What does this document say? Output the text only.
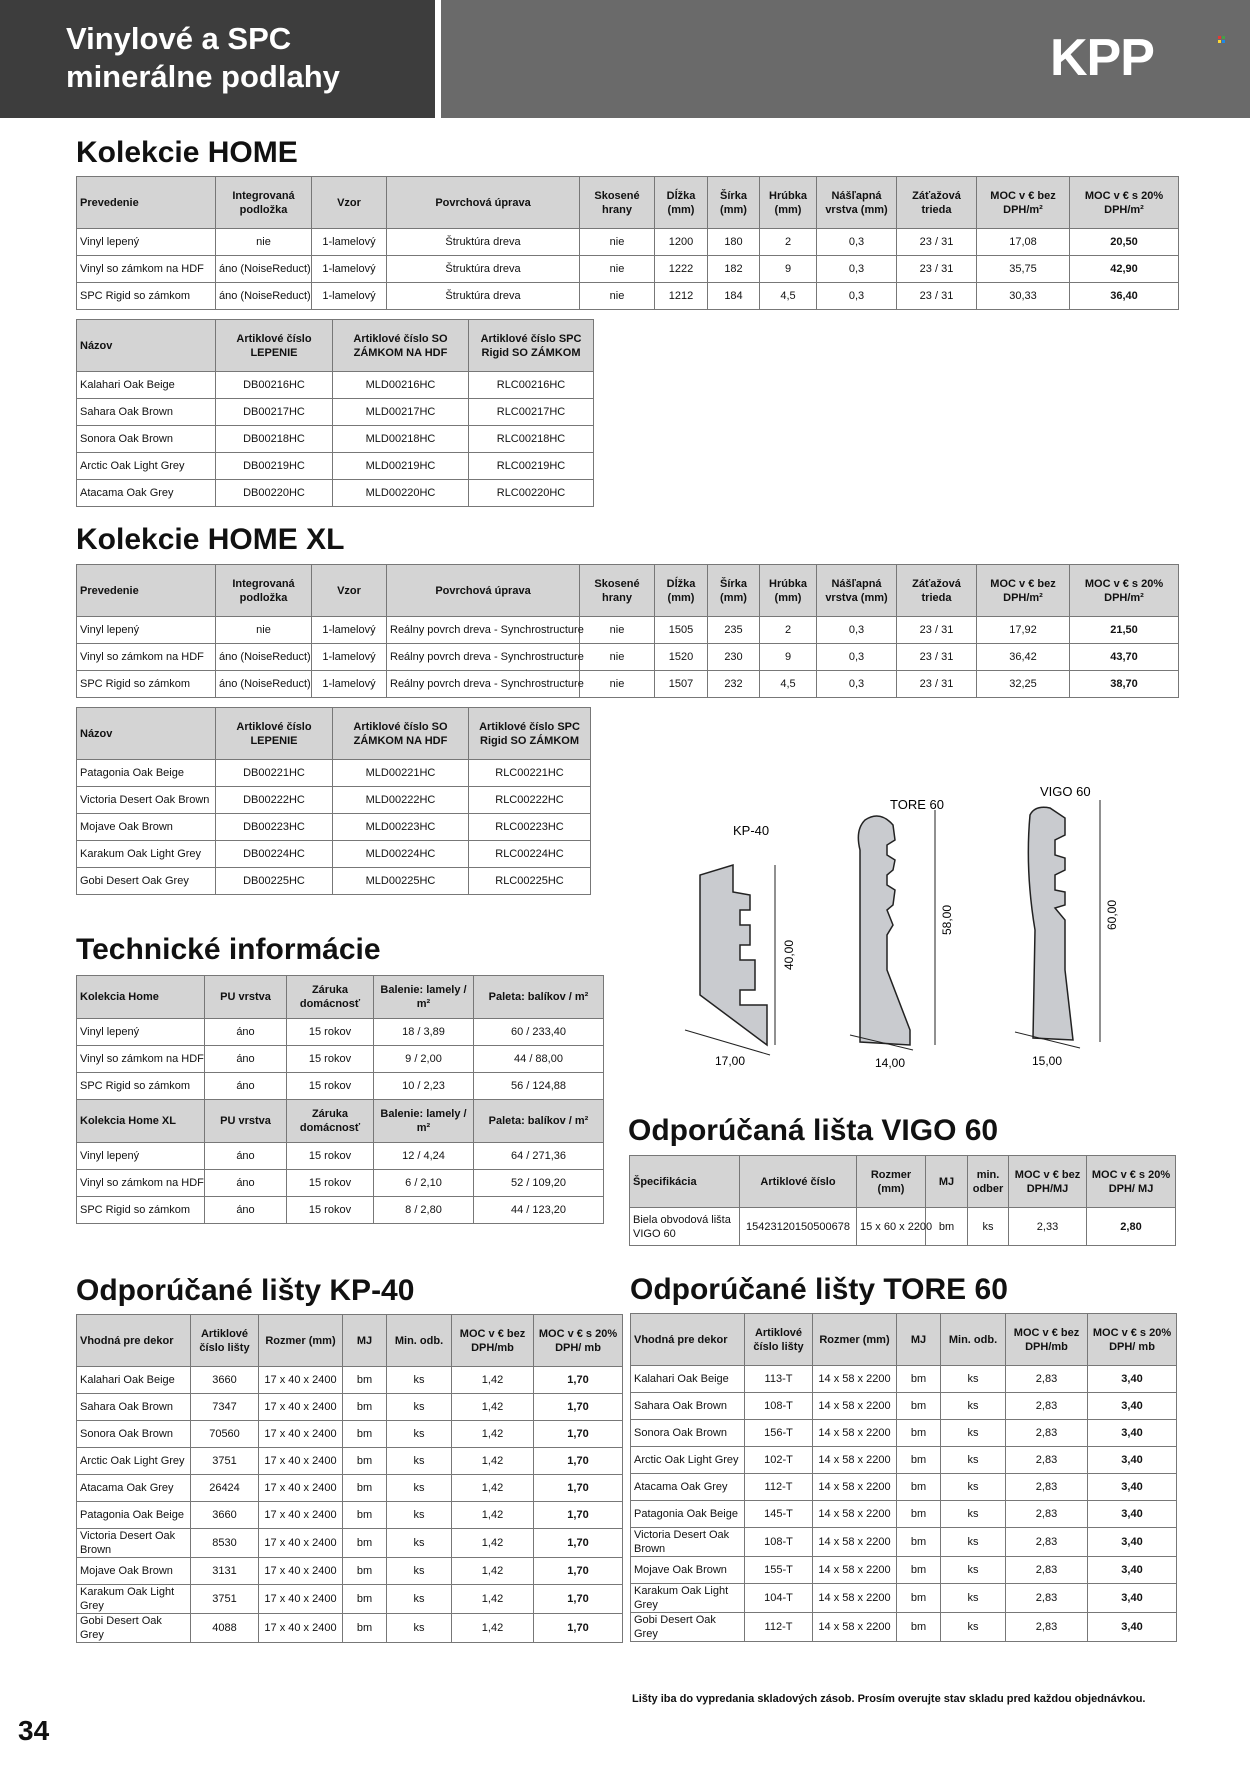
Vinylové a SPC
minerálne podlahy	KPP
Kolekcie HOME
Prevedenie	Integrovaná podložka	Vzor	Povrchová úprava	Skosené hrany	Dĺžka (mm)	Šírka (mm)	Hrúbka (mm)	Nášľapná vrstva (mm)	Záťažová trieda	MOC v € bez DPH/m²	MOC v € s 20% DPH/m²
Vinyl lepený	nie	1-lamelový	Štruktúra dreva	nie	1200	180	2	0,3	23 / 31	17,08	20,50
Vinyl so zámkom na HDF	áno (NoiseReduct)	1-lamelový	Štruktúra dreva	nie	1222	182	9	0,3	23 / 31	35,75	42,90
SPC Rigid so zámkom	áno (NoiseReduct)	1-lamelový	Štruktúra dreva	nie	1212	184	4,5	0,3	23 / 31	30,33	36,40
Názov	Artiklové číslo LEPENIE	Artiklové číslo SO ZÁMKOM NA HDF	Artiklové číslo SPC Rigid SO ZÁMKOM
Kalahari Oak Beige	DB00216HC	MLD00216HC	RLC00216HC
Sahara Oak Brown	DB00217HC	MLD00217HC	RLC00217HC
Sonora Oak Brown	DB00218HC	MLD00218HC	RLC00218HC
Arctic Oak Light Grey	DB00219HC	MLD00219HC	RLC00219HC
Atacama Oak Grey	DB00220HC	MLD00220HC	RLC00220HC
Kolekcie HOME XL
Prevedenie	Integrovaná podložka	Vzor	Povrchová úprava	Skosené hrany	Dĺžka (mm)	Šírka (mm)	Hrúbka (mm)	Nášľapná vrstva (mm)	Záťažová trieda	MOC v € bez DPH/m²	MOC v € s 20% DPH/m²
Vinyl lepený	nie	1-lamelový	Reálny povrch dreva - Synchrostructure	nie	1505	235	2	0,3	23 / 31	17,92	21,50
Vinyl so zámkom na HDF	áno (NoiseReduct)	1-lamelový	Reálny povrch dreva - Synchrostructure	nie	1520	230	9	0,3	23 / 31	36,42	43,70
SPC Rigid so zámkom	áno (NoiseReduct)	1-lamelový	Reálny povrch dreva - Synchrostructure	nie	1507	232	4,5	0,3	23 / 31	32,25	38,70
Názov	Artiklové číslo LEPENIE	Artiklové číslo SO ZÁMKOM NA HDF	Artiklové číslo SPC Rigid SO ZÁMKOM
Patagonia Oak Beige	DB00221HC	MLD00221HC	RLC00221HC
Victoria Desert Oak Brown	DB00222HC	MLD00222HC	RLC00222HC
Mojave Oak Brown	DB00223HC	MLD00223HC	RLC00223HC
Karakum Oak Light Grey	DB00224HC	MLD00224HC	RLC00224HC
Gobi Desert Oak Grey	DB00225HC	MLD00225HC	RLC00225HC
KP-40
40,00
17,00
TORE 60
58,00
14,00
VIGO 60
60,00
15,00
Technické informácie
Kolekcia Home	PU vrstva	Záruka domácnosť	Balenie: lamely / m²	Paleta: balíkov / m²
Vinyl lepený	áno	15 rokov	18 / 3,89	60 / 233,40
Vinyl so zámkom na HDF	áno	15 rokov	9 / 2,00	44 / 88,00
SPC Rigid so zámkom	áno	15 rokov	10 / 2,23	56 / 124,88
Kolekcia Home XL	PU vrstva	Záruka domácnosť	Balenie: lamely / m²	Paleta: balíkov / m²
Vinyl lepený	áno	15 rokov	12 / 4,24	64 / 271,36
Vinyl so zámkom na HDF	áno	15 rokov	6 / 2,10	52 / 109,20
SPC Rigid so zámkom	áno	15 rokov	8 / 2,80	44 / 123,20
Odporúčaná lišta VIGO 60
Špecifikácia	Artiklové číslo	Rozmer (mm)	MJ	min. odber	MOC v € bez DPH/MJ	MOC v € s 20% DPH/ MJ
Biela obvodová lišta VIGO 60	15423120150500678	15 x 60 x 2200	bm	ks	2,33	2,80
Odporúčané lišty KP-40
Vhodná pre dekor	Artiklové číslo lišty	Rozmer (mm)	MJ	Min. odb.	MOC v € bez DPH/mb	MOC v € s 20% DPH/ mb
Kalahari Oak Beige	3660	17 x 40 x 2400	bm	ks	1,42	1,70
Sahara Oak Brown	7347	17 x 40 x 2400	bm	ks	1,42	1,70
Sonora Oak Brown	70560	17 x 40 x 2400	bm	ks	1,42	1,70
Arctic Oak Light Grey	3751	17 x 40 x 2400	bm	ks	1,42	1,70
Atacama Oak Grey	26424	17 x 40 x 2400	bm	ks	1,42	1,70
Patagonia Oak Beige	3660	17 x 40 x 2400	bm	ks	1,42	1,70
Victoria Desert Oak Brown	8530	17 x 40 x 2400	bm	ks	1,42	1,70
Mojave Oak Brown	3131	17 x 40 x 2400	bm	ks	1,42	1,70
Karakum Oak Light Grey	3751	17 x 40 x 2400	bm	ks	1,42	1,70
Gobi Desert Oak Grey	4088	17 x 40 x 2400	bm	ks	1,42	1,70
Odporúčané lišty TORE 60
Vhodná pre dekor	Artiklové číslo lišty	Rozmer (mm)	MJ	Min. odb.	MOC v € bez DPH/mb	MOC v € s 20% DPH/ mb
Kalahari Oak Beige	113-T	14 x 58 x 2200	bm	ks	2,83	3,40
Sahara Oak Brown	108-T	14 x 58 x 2200	bm	ks	2,83	3,40
Sonora Oak Brown	156-T	14 x 58 x 2200	bm	ks	2,83	3,40
Arctic Oak Light Grey	102-T	14 x 58 x 2200	bm	ks	2,83	3,40
Atacama Oak Grey	112-T	14 x 58 x 2200	bm	ks	2,83	3,40
Patagonia Oak Beige	145-T	14 x 58 x 2200	bm	ks	2,83	3,40
Victoria Desert Oak Brown	108-T	14 x 58 x 2200	bm	ks	2,83	3,40
Mojave Oak Brown	155-T	14 x 58 x 2200	bm	ks	2,83	3,40
Karakum Oak Light Grey	104-T	14 x 58 x 2200	bm	ks	2,83	3,40
Gobi Desert Oak Grey	112-T	14 x 58 x 2200	bm	ks	2,83	3,40
Lišty iba do vypredania skladových zásob. Prosím overujte stav skladu pred každou objednávkou.
34
